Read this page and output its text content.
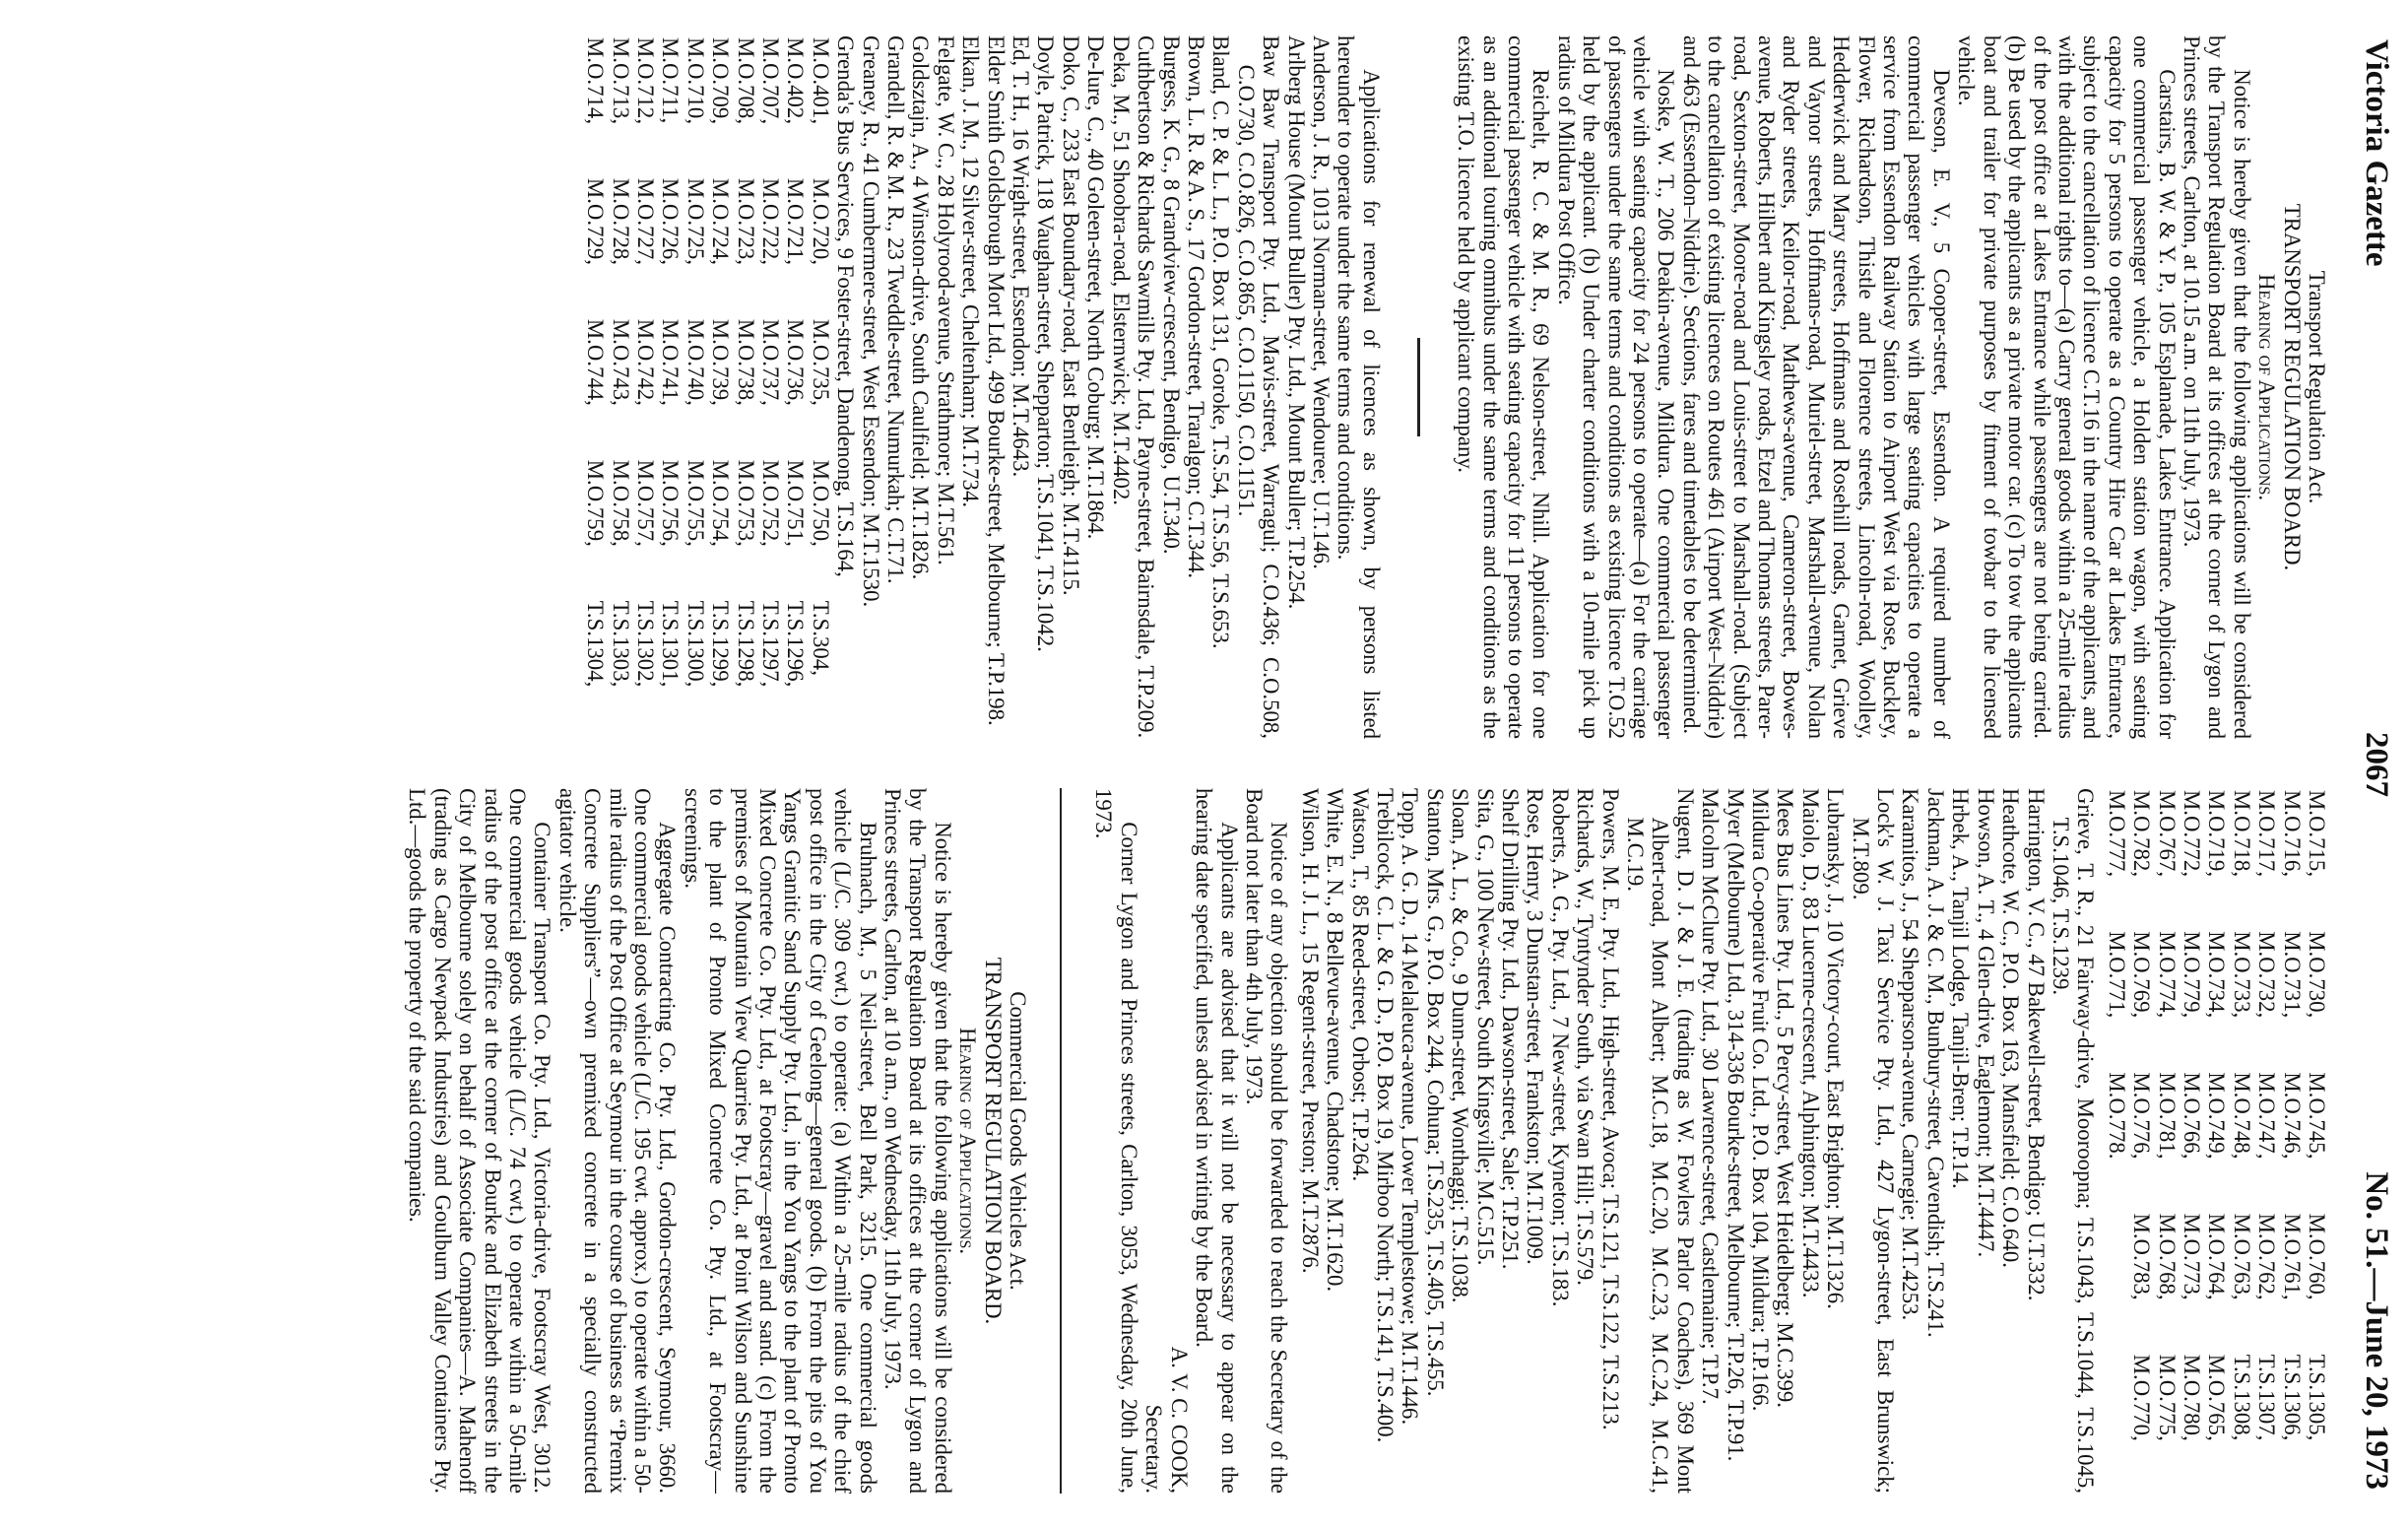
Victoria Gazette
2067
No. 51.—June 20, 1973

Transport Regulation Act.

TRANSPORT REGULATION BOARD.

Hearing of Applications.

Notice is hereby given that the following applications will be considered by the Transport Regulation Board at its offices at the corner of Lygon and Princes streets, Carlton, at 10.15 a.m. on 11th July, 1973.

Carstairs, B. W. & Y. P., 105 Esplanade, Lakes Entrance. Application for one commercial passenger vehicle, a Holden station wagon, with seating capacity for 5 persons to operate as a Country Hire Car at Lakes Entrance, subject to the cancellation of licence C.T.16 in the name of the applicants, and with the additional rights to—(a) Carry general goods within a 25-mile radius of the post office at Lakes Entrance while passengers are not being carried. (b) Be used by the applicants as a private motor car. (c) To tow the applicants boat and trailer for private purposes by fitment of towbar to the licensed vehicle.

Deveson, E. V., 5 Cooper-street, Essendon. A required number of commercial passenger vehicles with large seating capacities to operate a service from Essendon Railway Station to Airport West via Rose, Buckley, Flower, Richardson, Thistle and Florence streets, Lincoln-road, Woolley, Hedderwick and Mary streets, Hoffmans and Rosehill roads, Garnet, Grieve and Vaynor streets, Hoffmans-road, Muriel-street, Marshall-avenue, Nolan and Ryder streets, Keilor-road, Mathews-avenue, Cameron-street, Bowes-avenue, Roberts, Hilbert and Kingsley roads, Etzel and Thomas streets, Parer-road, Sexton-street, Moore-road and Louis-street to Marshall-road. (Subject to the cancellation of existing licences on Routes 461 (Airport West–Niddrie) and 463 (Essendon–Niddrie). Sections, fares and timetables to be determined.

Noske, W. T., 206 Deakin-avenue, Mildura. One commercial passenger vehicle with seating capacity for 24 persons to operate—(a) For the carriage of passengers under the same terms and conditions as existing licence T.O.52 held by the applicant. (b) Under charter conditions with a 10-mile pick up radius of Mildura Post Office.

Reichelt, R. C. & M. R., 69 Nelson-street, Nhill. Application for one commercial passenger vehicle with seating capacity for 11 persons to operate as an additional touring omnibus under the same terms and conditions as the existing T.O. licence held by applicant company.

Applications for renewal of licences as shown, by persons listed hereunder to operate under the same terms and conditions.

Anderson, J. R., 1013 Norman-street, Wendouree; U.T.146.

Arlberg House (Mount Buller) Pty. Ltd., Mount Buller; T.P.254.

Baw Baw Transport Pty. Ltd., Mavis-street, Warragul; C.O.436; C.O.508, C.O.730, C.O.826, C.O.865, C.O.1150, C.O.1151.

Bland, C. P. & L. L., P.O. Box 131, Goroke, T.S.54, T.S.56, T.S.653.

Brown, L. R. & A. S., 17 Gordon-street, Traralgon; C.T.344.

Burgess, K. G., 8 Grandview-crescent, Bendigo, U.T.340.

Cuthbertson & Richards Sawmills Pty. Ltd., Payne-street, Bairnsdale, T.P.209.

Deka, M., 51 Shoobra-road, Elsternwick; M.T.4402.

De-Iure, C., 40 Goleen-street, North Coburg; M.T.1864.

Doko, C., 233 East Boundary-road, East Bentleigh; M.T.4115.

Doyle, Patrick, 118 Vaughan-street, Shepparton; T.S.1041, T.S.1042.

Ed, T. H., 16 Wright-street, Essendon; M.T.4643.

Elder Smith Goldsbrough Mort Ltd., 499 Bourke-street, Melbourne; T.P.198.

Elkan, J. M., 12 Silver-street, Cheltenham; M.T.734.

Felgate, W. C., 28 Holyrood-avenue, Strathmore; M.T.561.

Goldsztajn, A., 4 Winston-drive, South Caulfield; M.T.1826.

Grandell, R. & M. R., 23 Tweddle-street, Numurkah; C.T.71.

Greaney, R., 41 Cumbermere-street, West Essendon; M.T.1530.

Grenda's Bus Services, 9 Foster-street, Dandenong, T.S.164,

M.O.401,	M.O.720,	M.O.735,	M.O.750,	T.S.304,
M.O.402,	M.O.721,	M.O.736,	M.O.751,	T.S.1296,
M.O.707,	M.O.722,	M.O.737,	M.O.752,	T.S.1297,
M.O.708,	M.O.723,	M.O.738,	M.O.753,	T.S.1298,
M.O.709,	M.O.724,	M.O.739,	M.O.754,	T.S.1299,
M.O.710,	M.O.725,	M.O.740,	M.O.755,	T.S.1300,
M.O.711,	M.O.726,	M.O.741,	M.O.756,	T.S.1301,
M.O.712,	M.O.727,	M.O.742,	M.O.757,	T.S.1302,
M.O.713,	M.O.728,	M.O.743,	M.O.758,	T.S.1303,
M.O.714,	M.O.729,	M.O.744,	M.O.759,	T.S.1304,
M.O.715,	M.O.730,	M.O.745,	M.O.760,	T.S.1305,
M.O.716,	M.O.731,	M.O.746,	M.O.761,	T.S.1306,
M.O.717,	M.O.732,	M.O.747,	M.O.762,	T.S.1307,
M.O.718,	M.O.733,	M.O.748,	M.O.763,	T.S.1308,
M.O.719,	M.O.734,	M.O.749,	M.O.764,	M.O.765,
M.O.772,	M.O.779,	M.O.766,	M.O.773,	M.O.780,
M.O.767,	M.O.774,	M.O.781,	M.O.768,	M.O.775,
M.O.782,	M.O.769,	M.O.776,	M.O.783,	M.O.770,
M.O.777,	M.O.771,	M.O.778.		

Grieve, T. R., 21 Fairway-drive, Mooroopna; T.S.1043, T.S.1044, T.S.1045, T.S.1046, T.S.1239.

Harrington, V. C., 47 Bakewell-street, Bendigo; U.T.332.

Heathcote, W. C., P.O. Box 163, Mansfield; C.O.640.

Howson, A. T., 4 Glen-drive, Eaglemont; M.T.4447.

Hrbek, A., Tanjil Lodge, Tanjil-Bren; T.P.14.

Jackman, A. J. & C. M., Bunbury-street, Cavendish; T.S.241.

Karamitos, J., 54 Shepparson-avenue, Carnegie; M.T.4253.

Lock's W. J. Taxi Service Pty. Ltd., 427 Lygon-street, East Brunswick; M.T.809.

Lubransky, J., 10 Victory-court, East Brighton; M.T.1326.

Maiolo, D., 83 Lucerne-crescent, Alphington; M.T.4433.

Mees Bus Lines Pty. Ltd., 5 Percy-street, West Heidelberg; M.C.399.

Mildura Co-operative Fruit Co. Ltd., P.O. Box 104, Mildura; T.P.166.

Myer (Melbourne) Ltd., 314-336 Bourke-street, Melbourne; T.P.26, T.P.91.

Malcolm McClure Pty. Ltd., 30 Lawrence-street, Castlemaine; T.P.7.

Nugent, D. J. & J. E. (trading as W. Fowlers Parlor Coaches), 369 Mont Albert-road, Mont Albert; M.C.18, M.C.20, M.C.23, M.C.24, M.C.41, M.C.19.

Powers, M. E., Pty. Ltd., High-street, Avoca; T.S.121, T.S.122, T.S.213.

Richards, W., Tyntynder South, via Swan Hill; T.S.579.

Roberts, A. G., Pty. Ltd., 7 New-street, Kyneton; T.S.183.

Rose, Henry, 3 Dunstan-street, Frankston; M.T.1009.

Shelf Drilling Pty. Ltd., Dawson-street, Sale; T.P.251.

Sita, G., 100 New-street, South Kingsville; M.C.515.

Sloan, A. L., & Co., 9 Dunn-street, Wonthaggi; T.S.1038.

Stanton, Mrs. G., P.O. Box 244, Cohuna; T.S.235, T.S.405, T.S.455.

Topp, A. G. D., 14 Melaleuca-avenue, Lower Templestowe; M.T.1446.

Trebilcock, C. L. & G. D., P.O. Box 19, Mirboo North; T.S.141, T.S.400.

Watson, T., 85 Reed-street, Orbost; T.P.264.

White, E. N., 8 Bellevue-avenue, Chadstone; M.T.1620.

Wilson, H. J. L., 15 Regent-street, Preston; M.T.2876.

Notice of any objection should be forwarded to reach the Secretary of the Board not later than 4th July, 1973.

Applicants are advised that it will not be necessary to appear on the hearing date specified, unless advised in writing by the Board.

A. V. C. COOK,

Secretary.

Corner Lygon and Princes streets, Carlton, 3053, Wednesday, 20th June, 1973.

Commercial Goods Vehicles Act.

TRANSPORT REGULATION BOARD.

Hearing of Applications.

Notice is hereby given that the following applications will be considered by the Transport Regulation Board at its offices at the corner of Lygon and Princes streets, Carlton, at 10 a.m., on Wednesday, 11th July, 1973.

Bruhnach, M., 5 Neil-street, Bell Park, 3215. One commercial goods vehicle (L/C. 309 cwt.) to operate: (a) Within a 25-mile radius of the chief post office in the City of Geelong—general goods. (b) From the pits of You Yangs Granitic Sand Supply Pty. Ltd., in the You Yangs to the plant of Pronto Mixed Concrete Co. Pty. Ltd., at Footscray—gravel and sand. (c) From the premises of Mountain View Quarries Pty. Ltd., at Point Wilson and Sunshine to the plant of Pronto Mixed Concrete Co. Pty. Ltd., at Footscray—screenings.

Aggregate Contracting Co. Pty. Ltd., Gordon-crescent, Seymour, 3660. One commercial goods vehicle (L/C. 195 cwt. approx.) to operate within a 50-mile radius of the Post Office at Seymour in the course of business as “Premix Concrete Suppliers”—own premixed concrete in a specially constructed agitator vehicle.

Container Transport Co. Pty. Ltd., Victoria-drive, Footscray West, 3012. One commercial goods vehicle (L/C. 74 cwt.) to operate within a 50-mile radius of the post office at the corner of Bourke and Elizabeth streets in the City of Melbourne solely on behalf of Associate Companies—A. Mahenoff (trading as Cargo Newpack Industries) and Goulburn Valley Containers Pty. Ltd.—goods the property of the said companies.
